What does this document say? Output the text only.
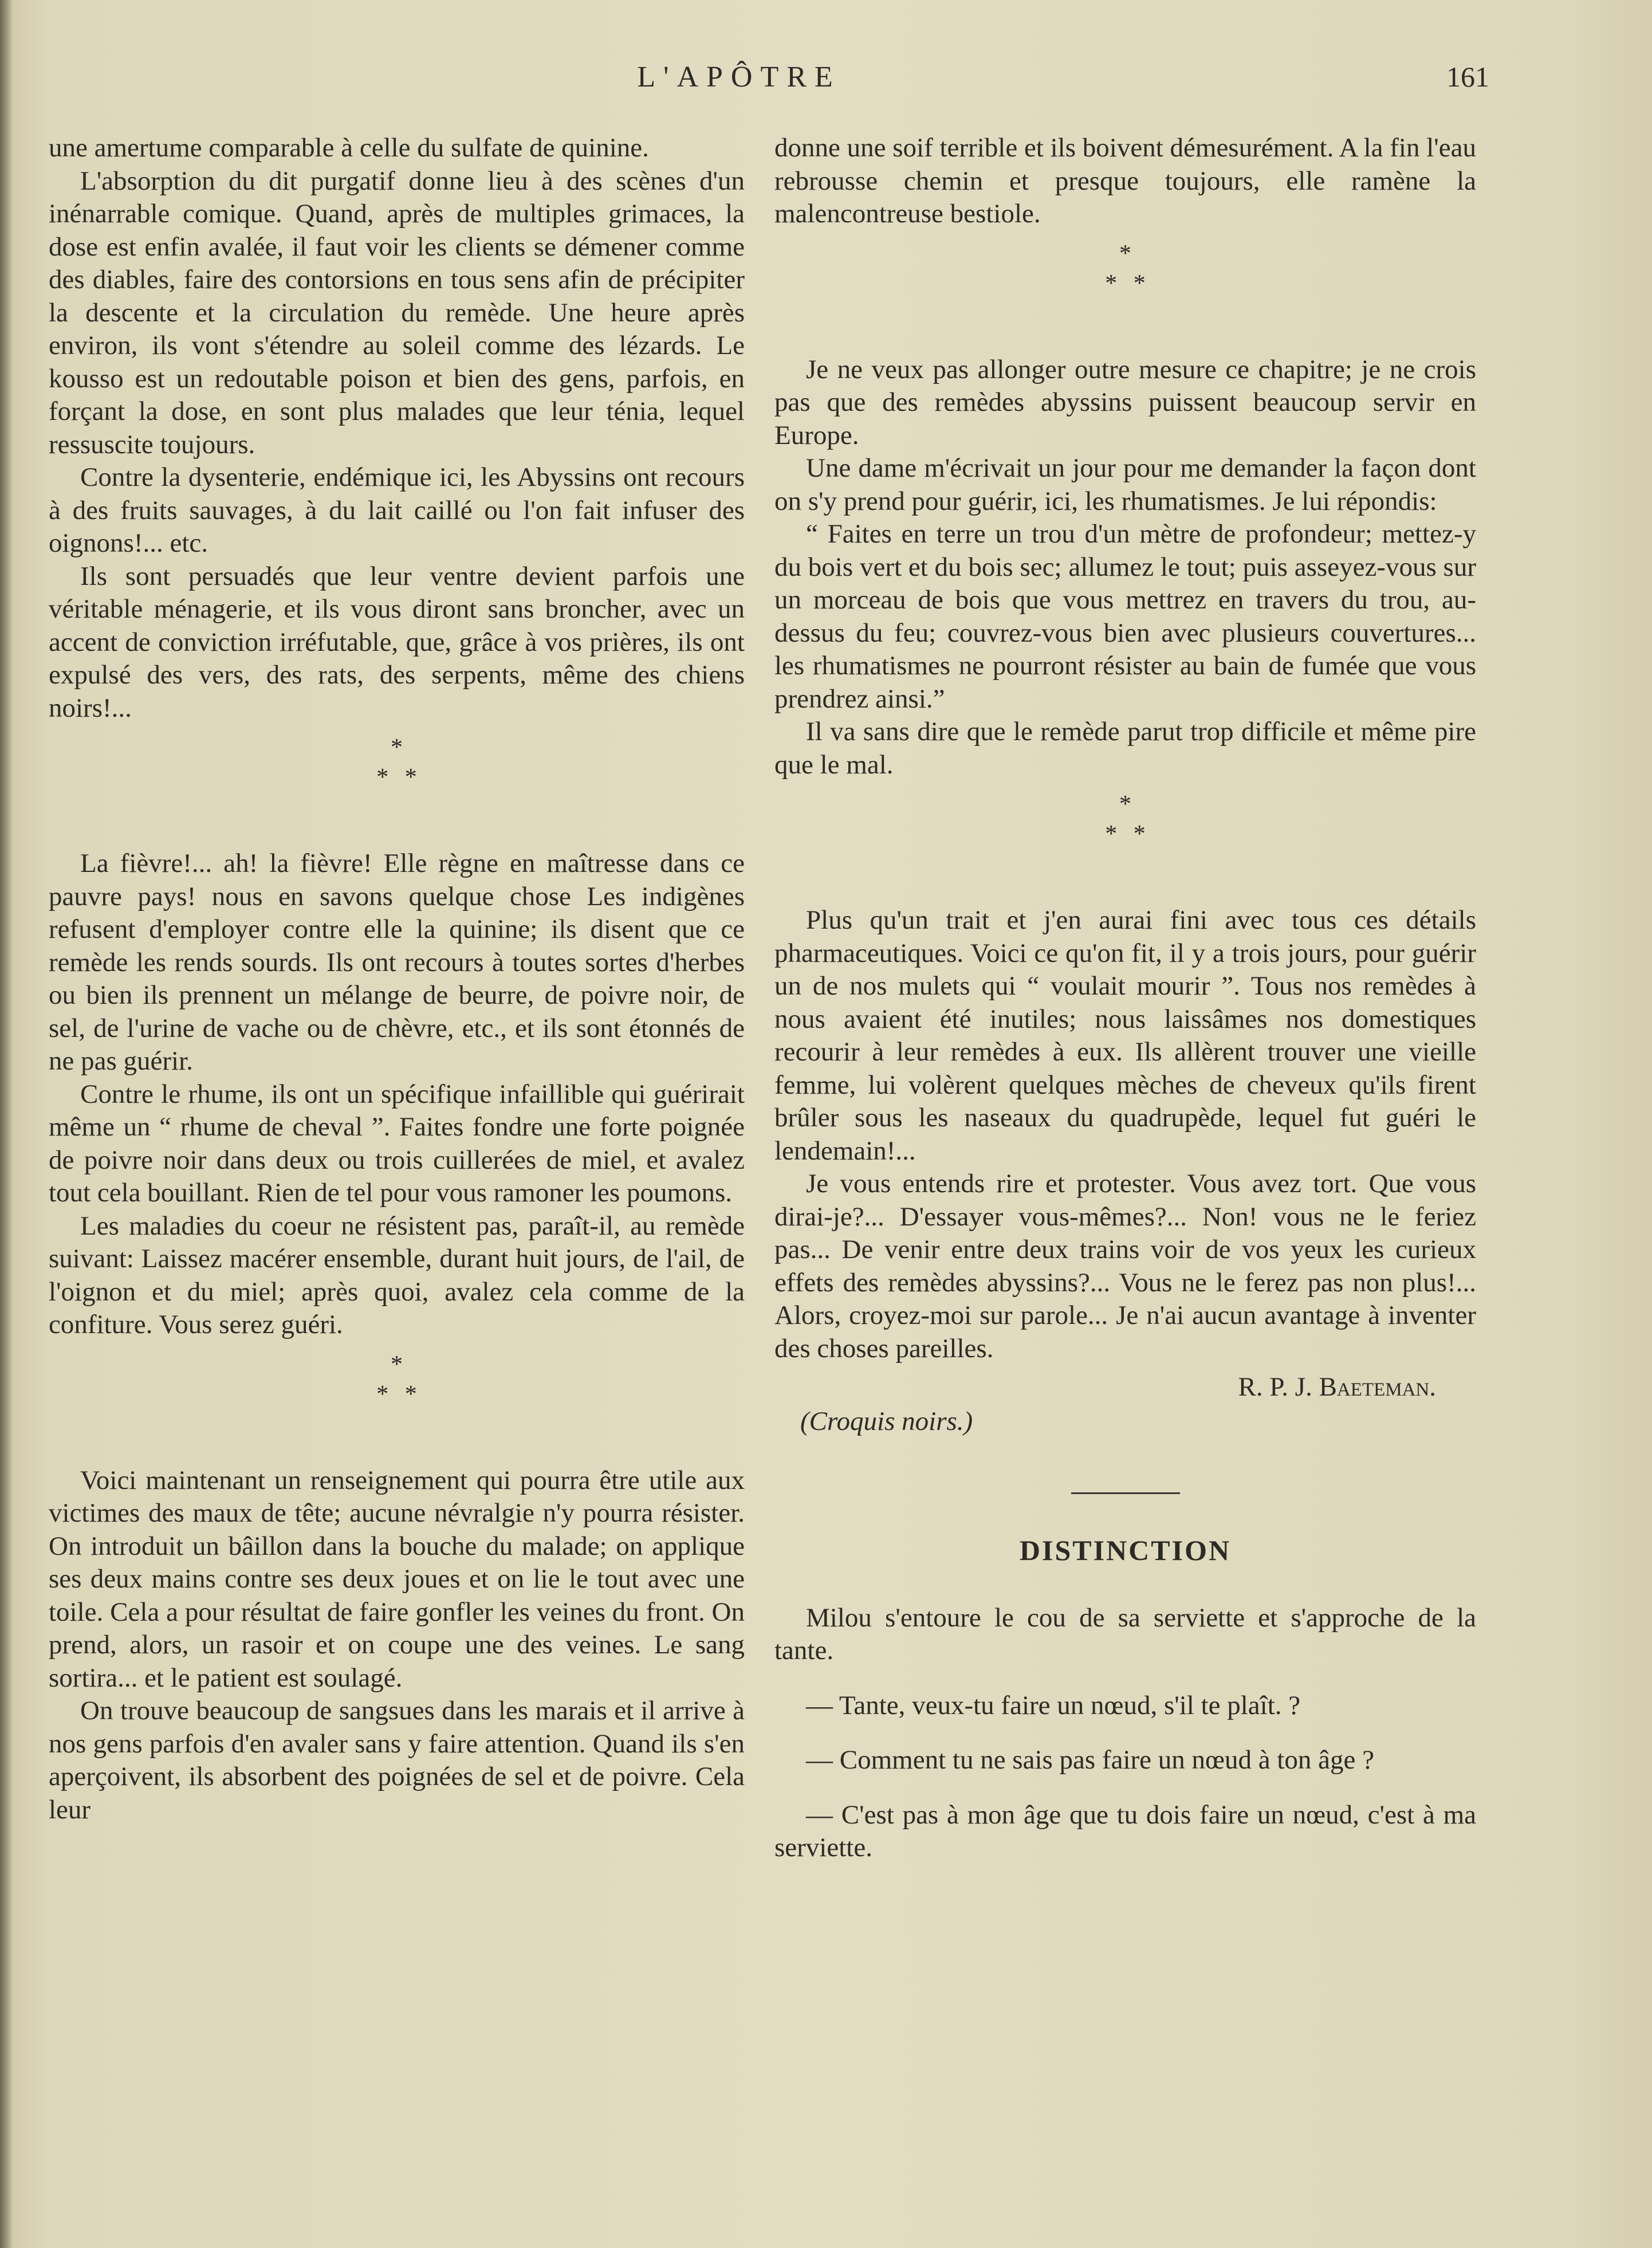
L'APÔTRE	161

une amertume comparable à celle du sulfate de quinine.

L'absorption du dit purgatif donne lieu à des scènes d'un inénarrable comique. Quand, après de multiples grimaces, la dose est enfin avalée, il faut voir les clients se démener comme des diables, faire des contorsions en tous sens afin de précipiter la descente et la circulation du remède. Une heure après environ, ils vont s'étendre au soleil comme des lézards. Le kousso est un redoutable poison et bien des gens, parfois, en forçant la dose, en sont plus malades que leur ténia, lequel ressuscite toujours.

Contre la dysenterie, endémique ici, les Abyssins ont recours à des fruits sauvages, à du lait caillé ou l'on fait infuser des oignons!... etc.

Ils sont persuadés que leur ventre devient parfois une véritable ménagerie, et ils vous diront sans broncher, avec un accent de conviction irréfutable, que, grâce à vos prières, ils ont expulsé des vers, des rats, des serpents, même des chiens noirs!...

*
* *

La fièvre!... ah! la fièvre! Elle règne en maîtresse dans ce pauvre pays! nous en savons quelque chose Les indigènes refusent d'employer contre elle la quinine; ils disent que ce remède les rends sourds. Ils ont recours à toutes sortes d'herbes ou bien ils prennent un mélange de beurre, de poivre noir, de sel, de l'urine de vache ou de chèvre, etc., et ils sont étonnés de ne pas guérir.

Contre le rhume, ils ont un spécifique infaillible qui guérirait même un “ rhume de cheval ”. Faites fondre une forte poignée de poivre noir dans deux ou trois cuillerées de miel, et avalez tout cela bouillant. Rien de tel pour vous ramoner les poumons.

Les maladies du coeur ne résistent pas, paraît-il, au remède suivant: Laissez macérer ensemble, durant huit jours, de l'ail, de l'oignon et du miel; après quoi, avalez cela comme de la confiture. Vous serez guéri.

*
* *

Voici maintenant un renseignement qui pourra être utile aux victimes des maux de tête; aucune névralgie n'y pourra résister. On introduit un bâillon dans la bouche du malade; on applique ses deux mains contre ses deux joues et on lie le tout avec une toile. Cela a pour résultat de faire gonfler les veines du front. On prend, alors, un rasoir et on coupe une des veines. Le sang sortira... et le patient est soulagé.

On trouve beaucoup de sangsues dans les marais et il arrive à nos gens parfois d'en avaler sans y faire attention. Quand ils s'en aperçoivent, ils absorbent des poignées de sel et de poivre. Cela leur

donne une soif terrible et ils boivent démesurément. A la fin l'eau rebrousse chemin et presque toujours, elle ramène la malencontreuse bestiole.

*
* *

Je ne veux pas allonger outre mesure ce chapitre; je ne crois pas que des remèdes abyssins puissent beaucoup servir en Europe.

Une dame m'écrivait un jour pour me demander la façon dont on s'y prend pour guérir, ici, les rhumatismes. Je lui répondis:

“ Faites en terre un trou d'un mètre de profondeur; mettez-y du bois vert et du bois sec; allumez le tout; puis asseyez-vous sur un morceau de bois que vous mettrez en travers du trou, au-dessus du feu; couvrez-vous bien avec plusieurs couvertures... les rhumatismes ne pourront résister au bain de fumée que vous prendrez ainsi.”

Il va sans dire que le remède parut trop difficile et même pire que le mal.

*
* *

Plus qu'un trait et j'en aurai fini avec tous ces détails pharmaceutiques. Voici ce qu'on fit, il y a trois jours, pour guérir un de nos mulets qui “ voulait mourir ”. Tous nos remèdes à nous avaient été inutiles; nous laissâmes nos domestiques recourir à leur remèdes à eux. Ils allèrent trouver une vieille femme, lui volèrent quelques mèches de cheveux qu'ils firent brûler sous les naseaux du quadrupède, lequel fut guéri le lendemain!...

Je vous entends rire et protester. Vous avez tort. Que vous dirai-je?... D'essayer vous-mêmes?... Non! vous ne le feriez pas... De venir entre deux trains voir de vos yeux les curieux effets des remèdes abyssins?... Vous ne le ferez pas non plus!... Alors, croyez-moi sur parole... Je n'ai aucun avantage à inventer des choses pareilles.

R. P. J. Baeteman.
(Croquis noirs.)
DISTINCTION

Milou s'entoure le cou de sa serviette et s'approche de la tante.

— Tante, veux-tu faire un nœud, s'il te plaît. ?

— Comment tu ne sais pas faire un nœud à ton âge ?

— C'est pas à mon âge que tu dois faire un nœud, c'est à ma serviette.
